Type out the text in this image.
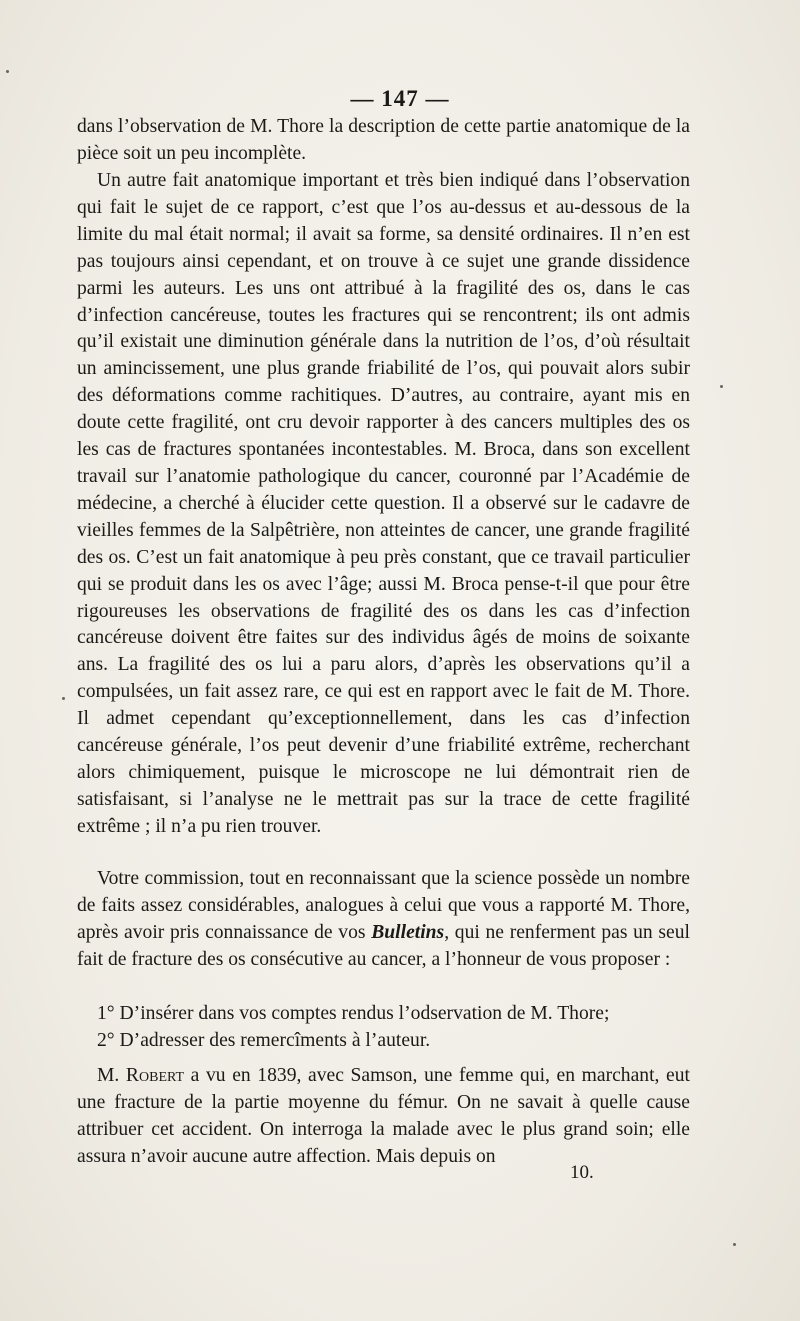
— 147 —
dans l’observation de M. Thore la description de cette partie anatomique de la pièce soit un peu incomplète.
Un autre fait anatomique important et très bien indiqué dans l’observation qui fait le sujet de ce rapport, c’est que l’os au-dessus et au-dessous de la limite du mal était normal; il avait sa forme, sa densité ordinaires. Il n’en est pas toujours ainsi cependant, et on trouve à ce sujet une grande dissidence parmi les auteurs. Les uns ont attribué à la fragilité des os, dans le cas d’infection cancéreuse, toutes les fractures qui se rencontrent; ils ont admis qu’il existait une diminution générale dans la nutrition de l’os, d’où résultait un amincissement, une plus grande friabilité de l’os, qui pouvait alors subir des déformations comme rachitiques. D’autres, au contraire, ayant mis en doute cette fragilité, ont cru devoir rapporter à des cancers multiples des os les cas de fractures spontanées incontestables. M. Broca, dans son excellent travail sur l’anatomie pathologique du cancer, couronné par l’Académie de médecine, a cherché à élucider cette question. Il a observé sur le cadavre de vieilles femmes de la Salpêtrière, non atteintes de cancer, une grande fragilité des os. C’est un fait anatomique à peu près constant, que ce travail particulier qui se produit dans les os avec l’âge; aussi M. Broca pense-t-il que pour être rigoureuses les observations de fragilité des os dans les cas d’infection cancéreuse doivent être faites sur des individus âgés de moins de soixante ans. La fragilité des os lui a paru alors, d’après les observations qu’il a compulsées, un fait assez rare, ce qui est en rapport avec le fait de M. Thore. Il admet cependant qu’exceptionnellement, dans les cas d’infection cancéreuse générale, l’os peut devenir d’une friabilité extrême, recherchant alors chimiquement, puisque le microscope ne lui démontrait rien de satisfaisant, si l’analyse ne le mettrait pas sur la trace de cette fragilité extrême ; il n’a pu rien trouver.
Votre commission, tout en reconnaissant que la science possède un nombre de faits assez considérables, analogues à celui que vous a rapporté M. Thore, après avoir pris connaissance de vos Bulletins, qui ne renferment pas un seul fait de fracture des os consécutive au cancer, a l’honneur de vous proposer :
1° D’insérer dans vos comptes rendus l’odservation de M. Thore;
2° D’adresser des remercîments à l’auteur.
M. Robert a vu en 1839, avec Samson, une femme qui, en marchant, eut une fracture de la partie moyenne du fémur. On ne savait à quelle cause attribuer cet accident. On interroga la malade avec le plus grand soin; elle assura n’avoir aucune autre affection. Mais depuis on
10.
